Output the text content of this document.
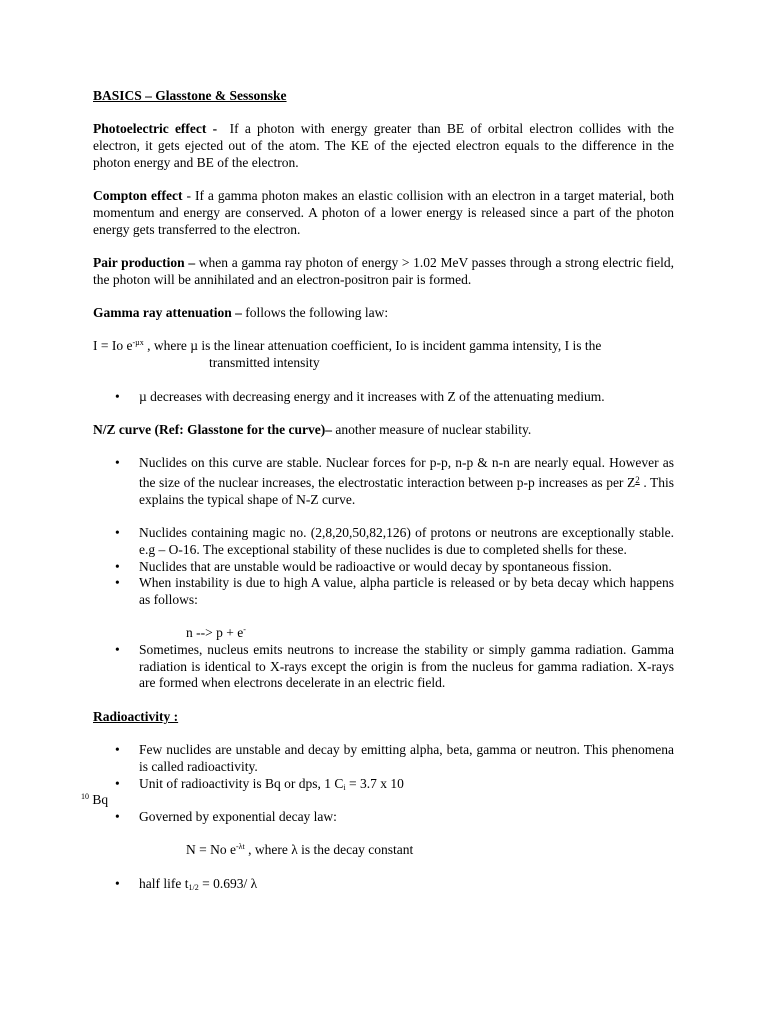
BASICS – Glasstone & Sessonske

Photoelectric effect - If a photon with energy greater than BE of orbital electron collides with the electron, it gets ejected out of the atom. The KE of the ejected electron equals to the difference in the photon energy and BE of the electron.

Compton effect - If a gamma photon makes an elastic collision with an electron in a target material, both momentum and energy are conserved. A photon of a lower energy is released since a part of the photon energy gets transferred to the electron.

Pair production – when a gamma ray photon of energy > 1.02 MeV passes through a strong electric field, the photon will be annihilated and an electron-positron pair is formed.

Gamma ray attenuation – follows the following law:

I = Io $e^{-\mu x}$ , where µ is the linear attenuation coefficient, Io is incident gamma intensity, I is the

transmitted intensity

• µ decreases with decreasing energy and it increases with Z of the attenuating medium.

N/Z curve (Ref: Glasstone for the curve)– another measure of nuclear stability.

• Nuclides on this curve are stable. Nuclear forces for p-p, n-p & n-n are nearly equal. However as the size of the nuclear increases, the electrostatic interaction between p-p increases as per $Z^2$ . This explains the typical shape of N-Z curve.

• Nuclides containing magic no. (2,8,20,50,82,126) of protons or neutrons are exceptionally stable. e.g – O-16. The exceptional stability of these nuclides is due to completed shells for these.

• Nuclides that are unstable would be radioactive or would decay by spontaneous fission.

• When instability is due to high A value, alpha particle is released or by beta decay which happens as follows:

n --> p + e-

• Sometimes, nucleus emits neutrons to increase the stability or simply gamma radiation. Gamma radiation is identical to X-rays except the origin is from the nucleus for gamma radiation. X-rays are formed when electrons decelerate in an electric field.

Radioactivity :

• Few nuclides are unstable and decay by emitting alpha, beta, gamma or neutron. This phenomena is called radioactivity.

• Unit of radioactivity is Bq or dps, 1 $C_i = 3.7$ x 10

$^{10}$ Bq

• Governed by exponential decay law:

N = No $e^{-\lambda t}$ , where λ is the decay constant

• half life $t_{1/2} = 0.693/$ λ
